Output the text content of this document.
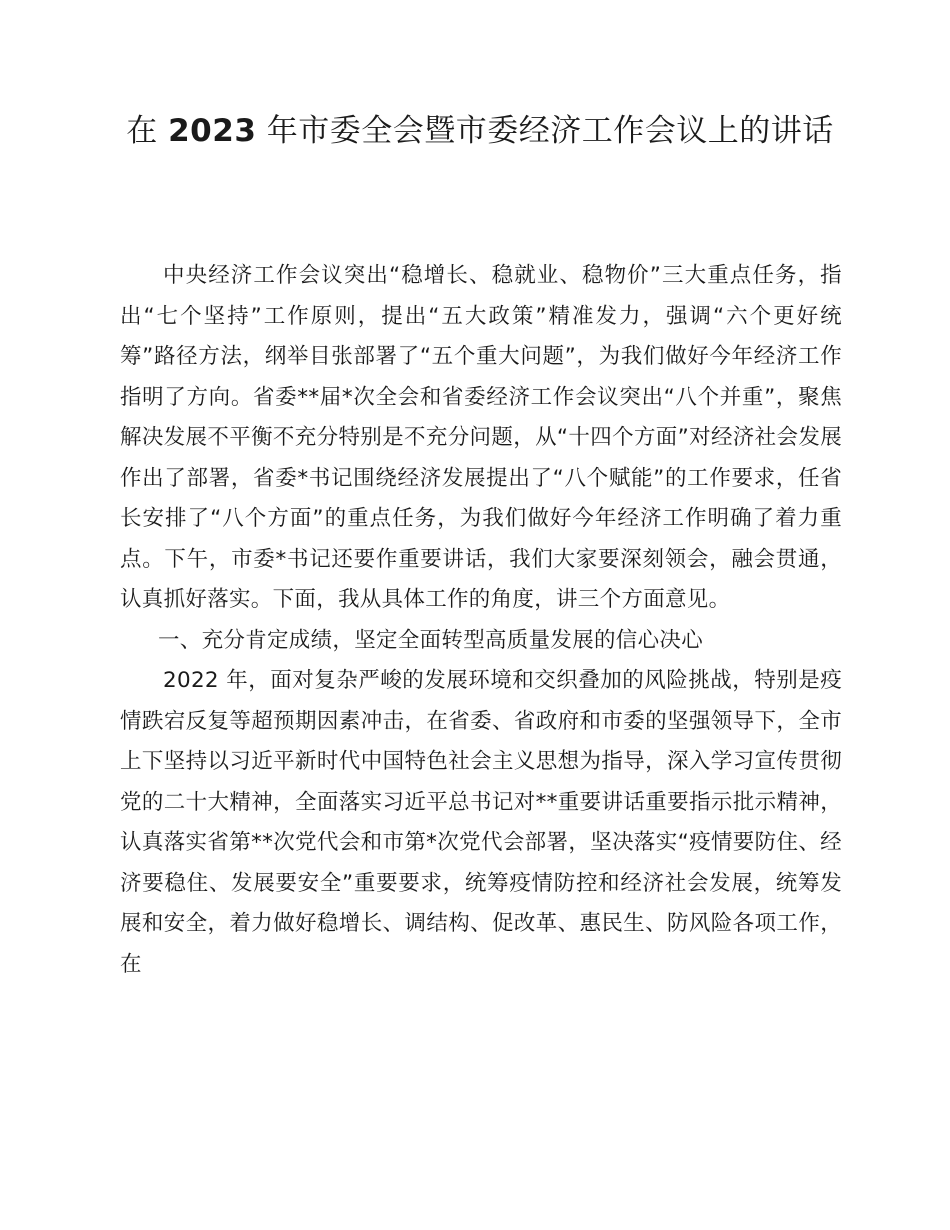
在 2023 年市委全会暨市委经济工作会议上的讲话

中央经济工作会议突出“稳增长、稳就业、稳物价”三大重点任务，指出“七个坚持”工作原则，提出“五大政策”精准发力，强调“六个更好统筹”路径方法，纲举目张部署了“五个重大问题”，为我们做好今年经济工作指明了方向。省委**届*次全会和省委经济工作会议突出“八个并重”，聚焦解决发展不平衡不充分特别是不充分问题，从“十四个方面”对经济社会发展作出了部署，省委*书记围绕经济发展提出了“八个赋能”的工作要求，任省长安排了“八个方面”的重点任务，为我们做好今年经济工作明确了着力重点。下午，市委*书记还要作重要讲话，我们大家要深刻领会，融会贯通，认真抓好落实。下面，我从具体工作的角度，讲三个方面意见。

一、充分肯定成绩，坚定全面转型高质量发展的信心决心

2022 年，面对复杂严峻的发展环境和交织叠加的风险挑战，特别是疫情跌宕反复等超预期因素冲击，在省委、省政府和市委的坚强领导下，全市上下坚持以习近平新时代中国特色社会主义思想为指导，深入学习宣传贯彻党的二十大精神，全面落实习近平总书记对**重要讲话重要指示批示精神，认真落实省第**次党代会和市第*次党代会部署，坚决落实“疫情要防住、经济要稳住、发展要安全”重要要求，统筹疫情防控和经济社会发展，统筹发展和安全，着力做好稳增长、调结构、促改革、惠民生、防风险各项工作，在
